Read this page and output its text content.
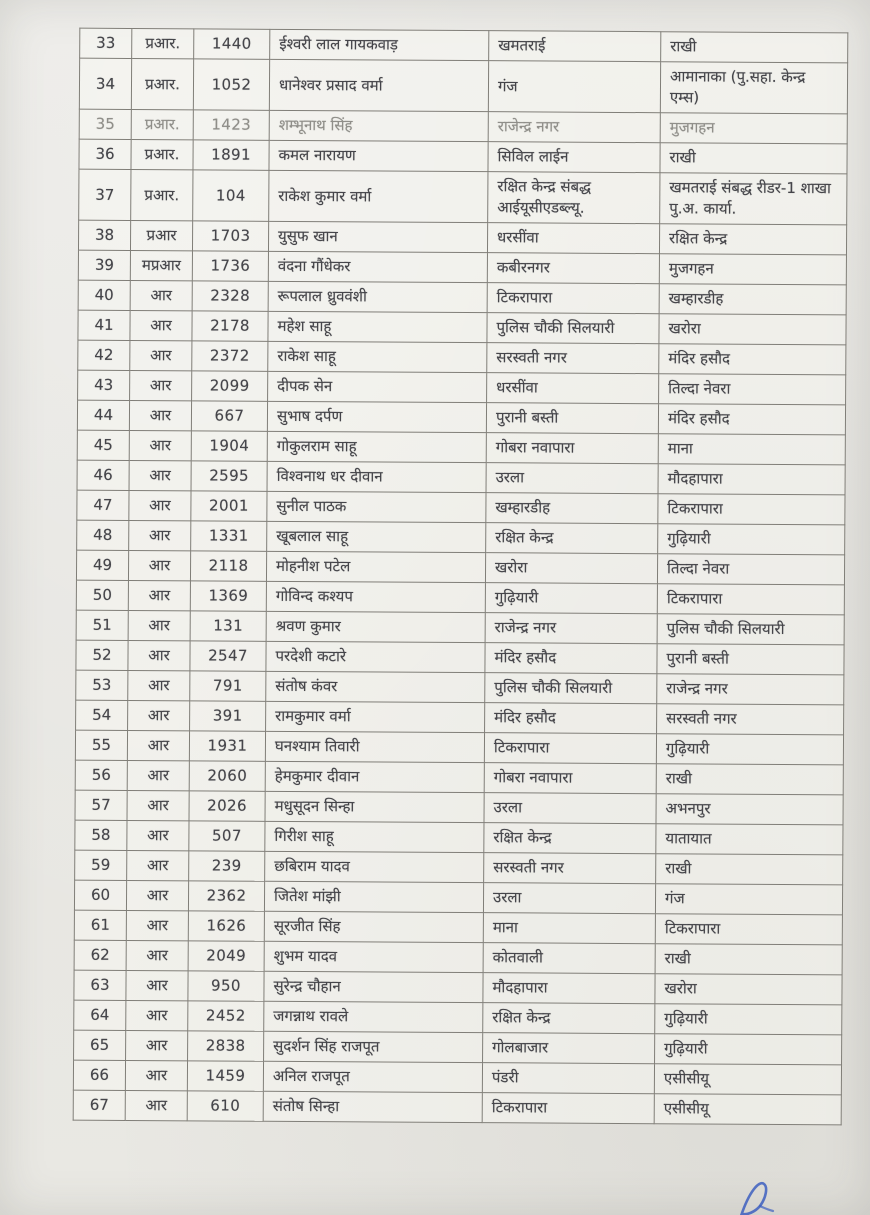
33	प्रआर.	1440	ईश्वरी लाल गायकवाड़	खमतराई	राखी
34	प्रआर.	1052	धानेश्वर प्रसाद वर्मा	गंज	आमानाका (पु.सहा. केन्द्र एम्स)
35	प्रआर.	1423	शम्भूनाथ सिंह	राजेन्द्र नगर	मुजगहन
36	प्रआर.	1891	कमल नारायण	सिविल लाईन	राखी
37	प्रआर.	104	राकेश कुमार वर्मा	रक्षित केन्द्र संबद्ध आईयूसीएडब्ल्यू.	खमतराई संबद्ध रीडर-1 शाखा पु.अ. कार्या.
38	प्रआर	1703	युसुफ खान	धरसींवा	रक्षित केन्द्र
39	मप्रआर	1736	वंदना गौंधेकर	कबीरनगर	मुजगहन
40	आर	2328	रूपलाल ध्रुववंशी	टिकरापारा	खम्हारडीह
41	आर	2178	महेश साहू	पुलिस चौकी सिलयारी	खरोरा
42	आर	2372	राकेश साहू	सरस्वती नगर	मंदिर हसौद
43	आर	2099	दीपक सेन	धरसींवा	तिल्दा नेवरा
44	आर	667	सुभाष दर्पण	पुरानी बस्ती	मंदिर हसौद
45	आर	1904	गोकुलराम साहू	गोबरा नवापारा	माना
46	आर	2595	विश्वनाथ धर दीवान	उरला	मौदहापारा
47	आर	2001	सुनील पाठक	खम्हारडीह	टिकरापारा
48	आर	1331	खूबलाल साहू	रक्षित केन्द्र	गुढ़ियारी
49	आर	2118	मोहनीश पटेल	खरोरा	तिल्दा नेवरा
50	आर	1369	गोविन्द कश्यप	गुढ़ियारी	टिकरापारा
51	आर	131	श्रवण कुमार	राजेन्द्र नगर	पुलिस चौकी सिलयारी
52	आर	2547	परदेशी कटारे	मंदिर हसौद	पुरानी बस्ती
53	आर	791	संतोष कंवर	पुलिस चौकी सिलयारी	राजेन्द्र नगर
54	आर	391	रामकुमार वर्मा	मंदिर हसौद	सरस्वती नगर
55	आर	1931	घनश्याम तिवारी	टिकरापारा	गुढ़ियारी
56	आर	2060	हेमकुमार दीवान	गोबरा नवापारा	राखी
57	आर	2026	मधुसूदन सिन्हा	उरला	अभनपुर
58	आर	507	गिरीश साहू	रक्षित केन्द्र	यातायात
59	आर	239	छबिराम यादव	सरस्वती नगर	राखी
60	आर	2362	जितेश मांझी	उरला	गंज
61	आर	1626	सूरजीत सिंह	माना	टिकरापारा
62	आर	2049	शुभम यादव	कोतवाली	राखी
63	आर	950	सुरेन्द्र चौहान	मौदहापारा	खरोरा
64	आर	2452	जगन्नाथ रावले	रक्षित केन्द्र	गुढ़ियारी
65	आर	2838	सुदर्शन सिंह राजपूत	गोलबाजार	गुढ़ियारी
66	आर	1459	अनिल राजपूत	पंडरी	एसीसीयू
67	आर	610	संतोष सिन्हा	टिकरापारा	एसीसीयू
